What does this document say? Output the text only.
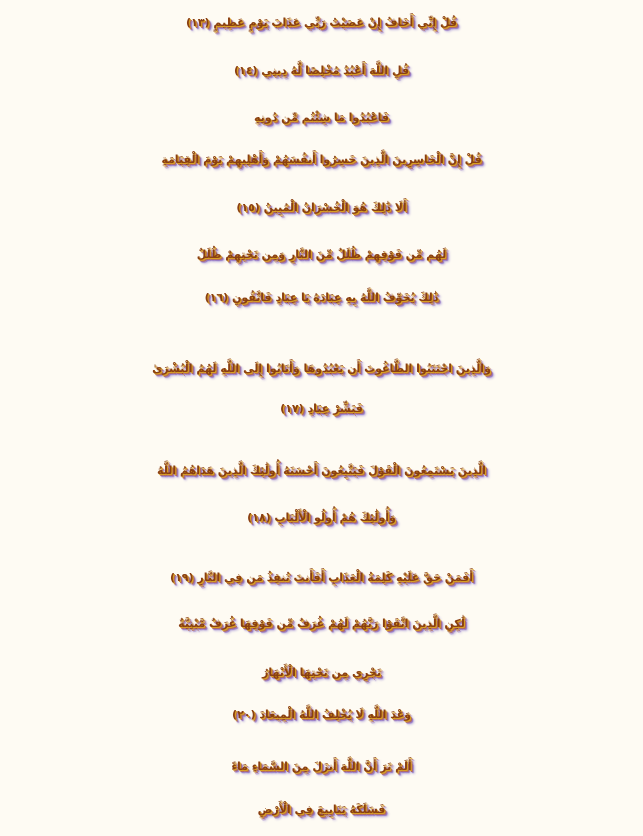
قُلْ إِنِّي أَخَافُ إِنْ عَصَيْتُ رَبِّي عَذَابَ يَوْمٍ عَظِيمٍ (١٣)
قُلِ اللَّهَ أَعْبُدُ مُخْلِصًا لَّهُ دِينِي (١٤)
فَاعْبُدُوا مَا شِئْتُم مِّن دُونِهِ
قُلْ إِنَّ الْخَاسِرِينَ الَّذِينَ خَسِرُوا أَنفُسَهُمْ وَأَهْلِيهِمْ يَوْمَ الْقِيَامَةِ
أَلَا ذَٰلِكَ هُوَ الْخُسْرَانُ الْمُبِينُ (١٥)
لَهُم مِّن فَوْقِهِمْ ظُلَلٌ مِّنَ النَّارِ وَمِن تَحْتِهِمْ ظُلَلٌ
ذَٰلِكَ يُخَوِّفُ اللَّهُ بِهِ عِبَادَهُ يَا عِبَادِ فَاتَّقُونِ (١٦)
وَالَّذِينَ اجْتَنَبُوا الطَّاغُوتَ أَن يَعْبُدُوهَا وَأَنَابُوا إِلَى اللَّهِ لَهُمُ الْبُشْرَىٰ
فَبَشِّرْ عِبَادِ (١٧)
الَّذِينَ يَسْتَمِعُونَ الْقَوْلَ فَيَتَّبِعُونَ أَحْسَنَهُ أُولَٰئِكَ الَّذِينَ هَدَاهُمُ اللَّهُ
وَأُولَٰئِكَ هُمْ أُولُو الْأَلْبَابِ (١٨)
أَفَمَنْ حَقَّ عَلَيْهِ كَلِمَةُ الْعَذَابِ أَفَأَنتَ تُنقِذُ مَن فِي النَّارِ (١٩)
لَٰكِنِ الَّذِينَ اتَّقَوْا رَبَّهُمْ لَهُمْ غُرَفٌ مِّن فَوْقِهَا غُرَفٌ مَّبْنِيَّةٌ
تَجْرِي مِن تَحْتِهَا الْأَنْهَارُ
وَعْدَ اللَّهِ لَا يُخْلِفُ اللَّهُ الْمِيعَادَ (٢٠)
أَلَمْ تَرَ أَنَّ اللَّهَ أَنزَلَ مِنَ السَّمَاءِ مَاءً
فَسَلَكَهُ يَنَابِيعَ فِي الْأَرْضِ
